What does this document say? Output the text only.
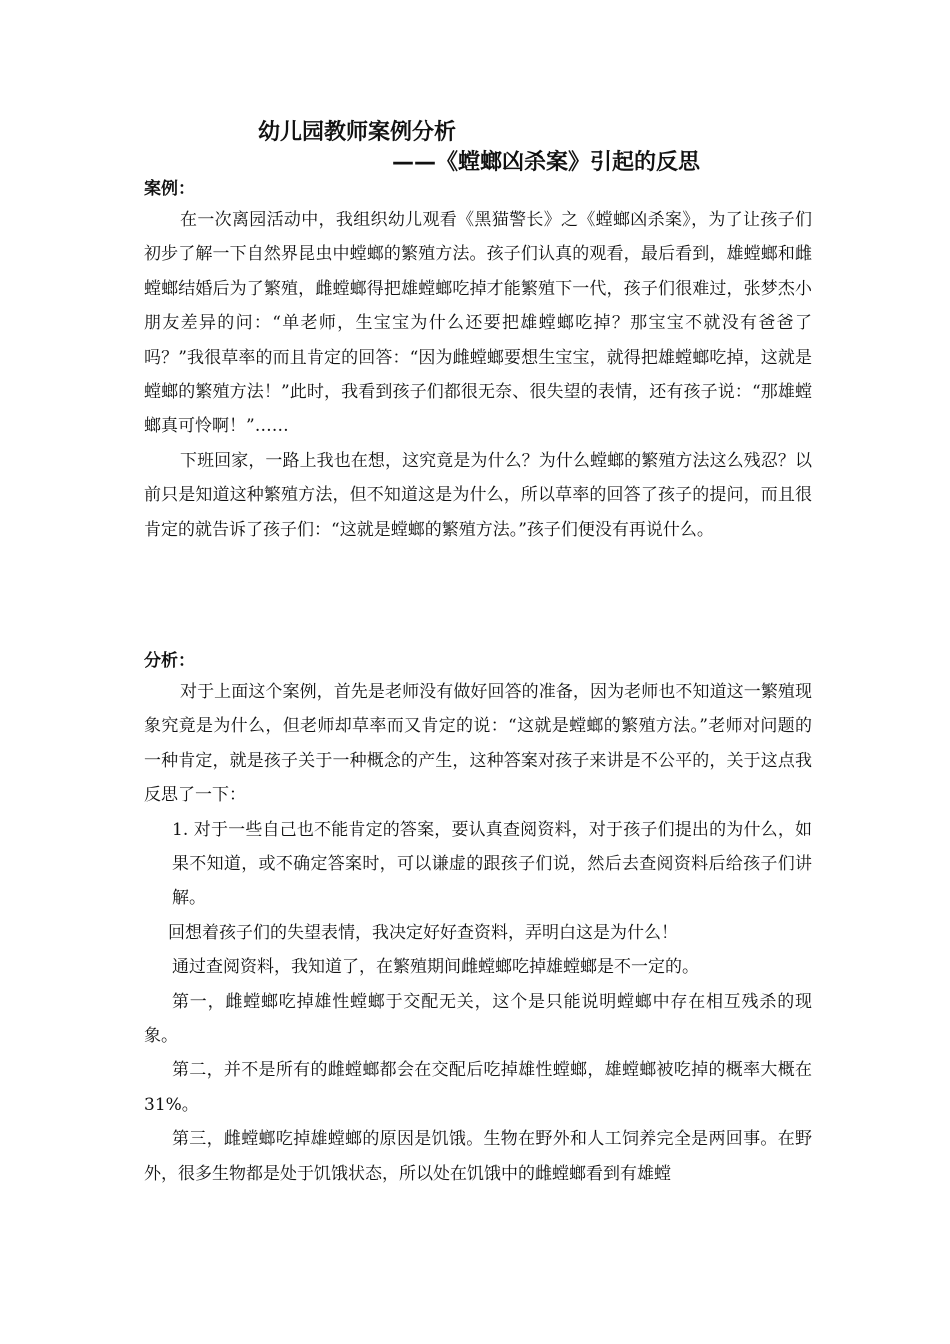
幼儿园教师案例分析
——《螳螂凶杀案》引起的反思
案例：

在一次离园活动中，我组织幼儿观看《黑猫警长》之《螳螂凶杀案》，为了让孩子们初步了解一下自然界昆虫中螳螂的繁殖方法。孩子们认真的观看，最后看到，雄螳螂和雌螳螂结婚后为了繁殖，雌螳螂得把雄螳螂吃掉才能繁殖下一代，孩子们很难过，张梦杰小朋友差异的问：“单老师，生宝宝为什么还要把雄螳螂吃掉？那宝宝不就没有爸爸了吗？”我很草率的而且肯定的回答：“因为雌螳螂要想生宝宝，就得把雄螳螂吃掉，这就是螳螂的繁殖方法！”此时，我看到孩子们都很无奈、很失望的表情，还有孩子说：“那雄螳螂真可怜啊！”……

下班回家，一路上我也在想，这究竟是为什么？为什么螳螂的繁殖方法这么残忍？以前只是知道这种繁殖方法，但不知道这是为什么，所以草率的回答了孩子的提问，而且很肯定的就告诉了孩子们：“这就是螳螂的繁殖方法。”孩子们便没有再说什么。

分析：

对于上面这个案例，首先是老师没有做好回答的准备，因为老师也不知道这一繁殖现象究竟是为什么，但老师却草率而又肯定的说：“这就是螳螂的繁殖方法。”老师对问题的一种肯定，就是孩子关于一种概念的产生，这种答案对孩子来讲是不公平的，关于这点我反思了一下：

1. 对于一些自己也不能肯定的答案，要认真查阅资料，对于孩子们提出的为什么，如果不知道，或不确定答案时，可以谦虚的跟孩子们说，然后去查阅资料后给孩子们讲解。

回想着孩子们的失望表情，我决定好好查资料，弄明白这是为什么！

通过查阅资料，我知道了，在繁殖期间雌螳螂吃掉雄螳螂是不一定的。

第一，雌螳螂吃掉雄性螳螂于交配无关，这个是只能说明螳螂中存在相互残杀的现象。

第二，并不是所有的雌螳螂都会在交配后吃掉雄性螳螂，雄螳螂被吃掉的概率大概在31%。

第三，雌螳螂吃掉雄螳螂的原因是饥饿。生物在野外和人工饲养完全是两回事。在野外，很多生物都是处于饥饿状态，所以处在饥饿中的雌螳螂看到有雄螳
